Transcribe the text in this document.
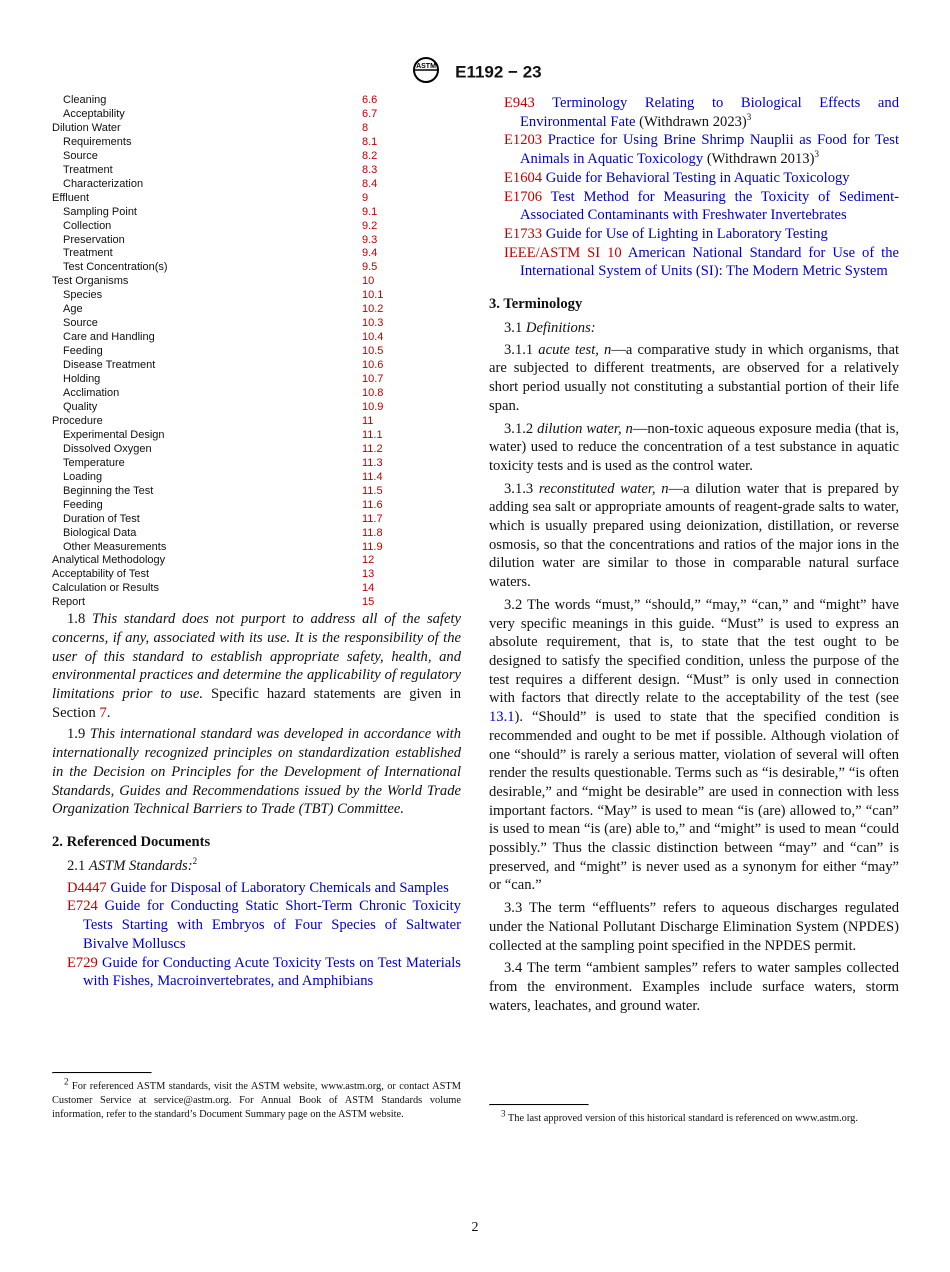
ASTM E1192 − 23
Cleaning	6.6
Acceptability	6.7
Dilution Water	8
Requirements	8.1
Source	8.2
Treatment	8.3
Characterization	8.4
Effluent	9
Sampling Point	9.1
Collection	9.2
Preservation	9.3
Treatment	9.4
Test Concentration(s)	9.5
Test Organisms	10
Species	10.1
Age	10.2
Source	10.3
Care and Handling	10.4
Feeding	10.5
Disease Treatment	10.6
Holding	10.7
Acclimation	10.8
Quality	10.9
Procedure	11
Experimental Design	11.1
Dissolved Oxygen	11.2
Temperature	11.3
Loading	11.4
Beginning the Test	11.5
Feeding	11.6
Duration of Test	11.7
Biological Data	11.8
Other Measurements	11.9
Analytical Methodology	12
Acceptability of Test	13
Calculation or Results	14
Report	15

1.8 This standard does not purport to address all of the safety concerns, if any, associated with its use. It is the responsibility of the user of this standard to establish appropriate safety, health, and environmental practices and determine the applicability of regulatory limitations prior to use. Specific hazard statements are given in Section 7.

1.9 This international standard was developed in accordance with internationally recognized principles on standardization established in the Decision on Principles for the Development of International Standards, Guides and Recommendations issued by the World Trade Organization Technical Barriers to Trade (TBT) Committee.

2. Referenced Documents

2.1 ASTM Standards:$^2$

D4447 Guide for Disposal of Laboratory Chemicals and Samples

E724 Guide for Conducting Static Short-Term Chronic Toxicity Tests Starting with Embryos of Four Species of Saltwater Bivalve Molluscs

E729 Guide for Conducting Acute Toxicity Tests on Test Materials with Fishes, Macroinvertebrates, and Amphibians

$^2$ For referenced ASTM standards, visit the ASTM website, www.astm.org, or contact ASTM Customer Service at service@astm.org. For Annual Book of ASTM Standards volume information, refer to the standard’s Document Summary page on the ASTM website.

E943 Terminology Relating to Biological Effects and Environmental Fate (Withdrawn 2023)$^3$

E1203 Practice for Using Brine Shrimp Nauplii as Food for Test Animals in Aquatic Toxicology (Withdrawn 2013)$^3$

E1604 Guide for Behavioral Testing in Aquatic Toxicology

E1706 Test Method for Measuring the Toxicity of Sediment-Associated Contaminants with Freshwater Invertebrates

E1733 Guide for Use of Lighting in Laboratory Testing

IEEE/ASTM SI 10 American National Standard for Use of the International System of Units (SI): The Modern Metric System

3. Terminology

3.1 Definitions:

3.1.1 acute test, n—a comparative study in which organisms, that are subjected to different treatments, are observed for a relatively short period usually not constituting a substantial portion of their life span.

3.1.2 dilution water, n—non-toxic aqueous exposure media (that is, water) used to reduce the concentration of a test substance in aquatic toxicity tests and is used as the control water.

3.1.3 reconstituted water, n—a dilution water that is prepared by adding sea salt or appropriate amounts of reagent-grade salts to water, which is usually prepared using deionization, distillation, or reverse osmosis, so that the concentrations and ratios of the major ions in the dilution water are similar to those in comparable natural surface waters.

3.2 The words “must,” “should,” “may,” “can,” and “might” have very specific meanings in this guide. “Must” is used to express an absolute requirement, that is, to state that the test ought to be designed to satisfy the specified condition, unless the purpose of the test requires a different design. “Must” is only used in connection with factors that directly relate to the acceptability of the test (see 13.1). “Should” is used to state that the specified condition is recommended and ought to be met if possible. Although violation of one “should” is rarely a serious matter, violation of several will often render the results questionable. Terms such as “is desirable,” “is often desirable,” and “might be desirable” are used in connection with less important factors. “May” is used to mean “is (are) allowed to,” “can” is used to mean “is (are) able to,” and “might” is used to mean “could possibly.” Thus the classic distinction between “may” and “can” is preserved, and “might” is never used as a synonym for either “may” or “can.”

3.3 The term “effluents” refers to aqueous discharges regulated under the National Pollutant Discharge Elimination System (NPDES) collected at the sampling point specified in the NPDES permit.

3.4 The term “ambient samples” refers to water samples collected from the environment. Examples include surface waters, storm waters, leachates, and ground water.

$^3$ The last approved version of this historical standard is referenced on www.astm.org.

2
